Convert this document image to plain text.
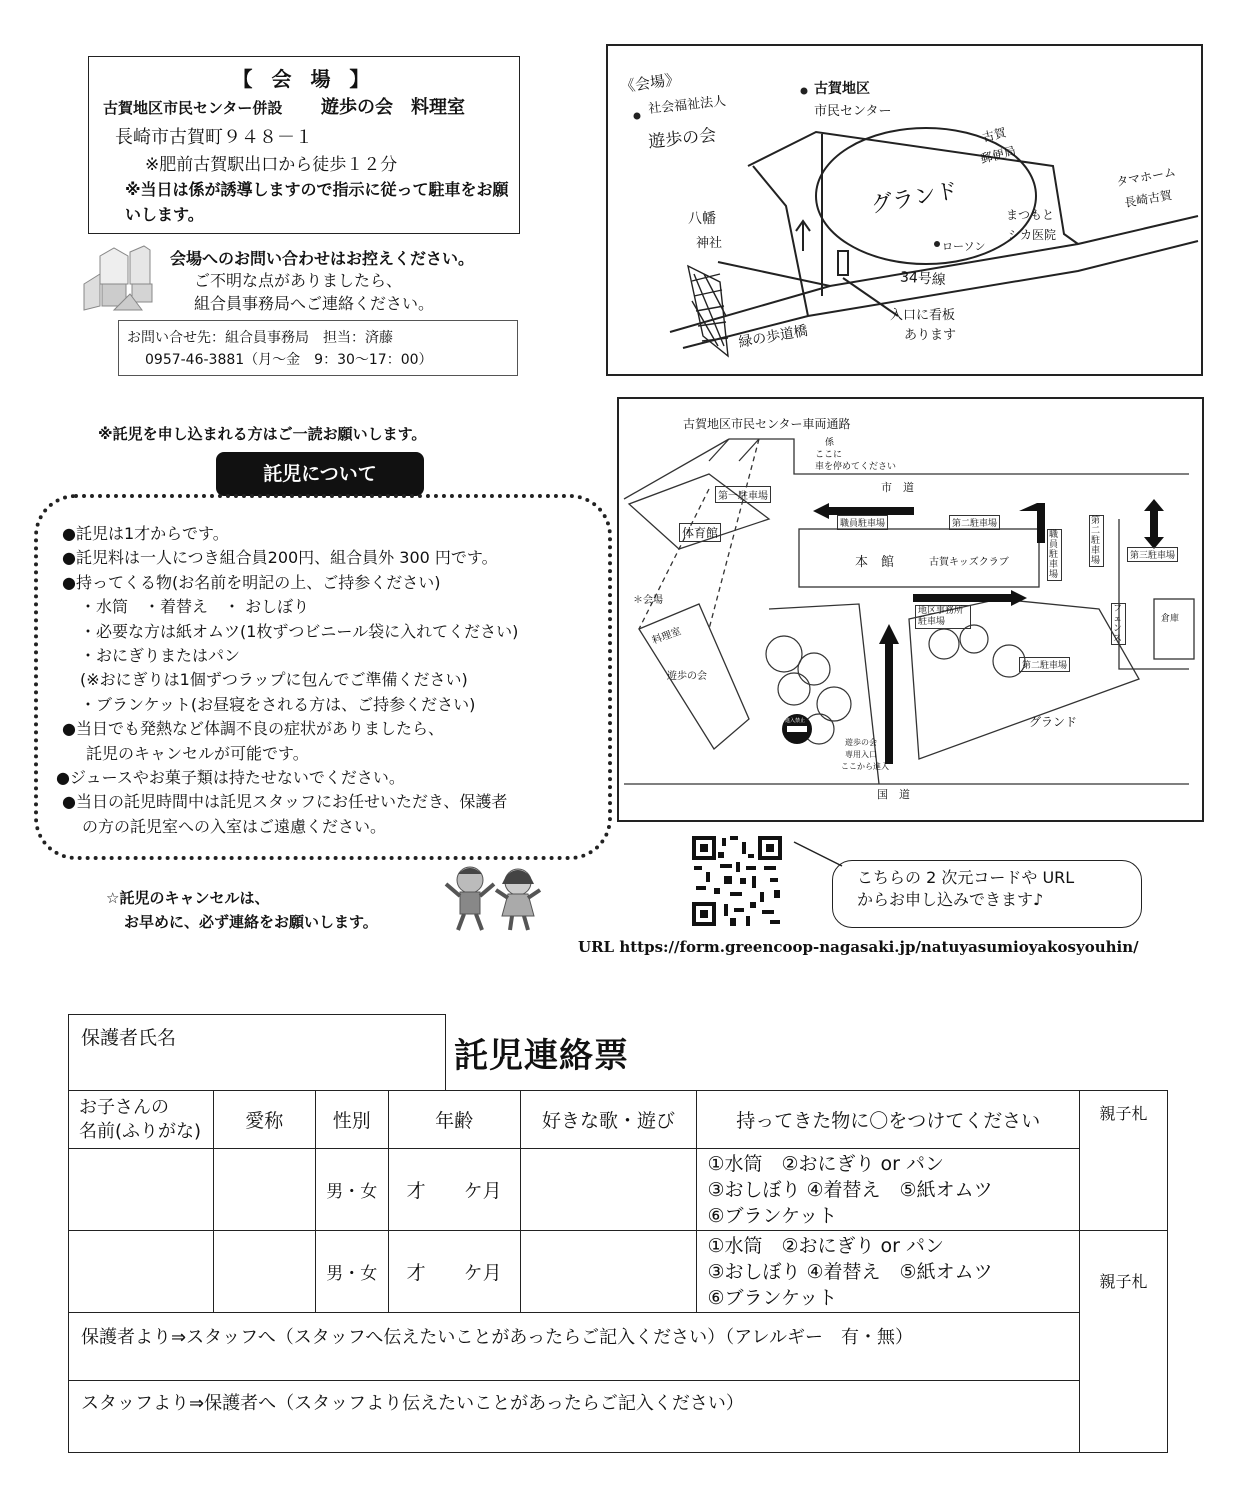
【 会 場 】
古賀地区市民センター併設 遊歩の会　料理室
長崎市古賀町９４８－１
※肥前古賀駅出口から徒歩１２分
※当日は係が誘導しますので指示に従って駐車をお願いします。
会場へのお問い合わせはお控えください。
ご不明な点がありましたら、
組合員事務局へご連絡ください。
お問い合せ先：組合員事務局　担当：済藤
0957-46-3881（月～金　9：30～17：00）
《会場》
社会福祉法人
遊歩の会
古賀地区
市民センター
グランド
古賀
郵便局
タマホーム
長崎古賀
八幡
神社	ローソン
まつもと
シカ医院
34号線
入口に看板
あります
緑の歩道橋
古賀地区市民センター車両通路
係
ここに
車を停めてください
市　道
第一駐車場
体育館
職員駐車場	第二駐車場	第二駐車場	第三駐車場
本　館	古賀キッズクラブ
職員駐車場
地区事務所駐車場
フェンス
倉庫
第二駐車場
＊会場
料理室
遊歩の会
グランド
遊歩の会
専用入口
ここから進入
国　道
進入禁止
※託児を申し込まれる方はご一読お願いします。
託児について
●託児は1才からです。
●託児料は一人につき組合員200円、組合員外 300 円です。
●持ってくる物(お名前を明記の上、ご持参ください)
・水筒　・着替え　・ おしぼり
・必要な方は紙オムツ(1枚ずつビニール袋に入れてください)
・おにぎりまたはパン
(※おにぎりは1個ずつラップに包んでご準備ください)
・ブランケット(お昼寝をされる方は、ご持参ください)
●当日でも発熱など体調不良の症状がありましたら、
託児のキャンセルが可能です。
●ジュースやお菓子類は持たせないでください。
●当日の託児時間中は託児スタッフにお任せいただき、保護者
の方の託児室への入室はご遠慮ください。
☆託児のキャンセルは、
お早めに、必ず連絡をお願いします。
こちらの 2 次元コードや URL
からお申し込みできます♪
URL https://form.greencoop-nagasaki.jp/natuyasumioyakosyouhin/
保護者氏名	託児連絡票
お子さんの
名前(ふりがな)	愛称	性別	年齢	好きな歌・遊び	持ってきた物に〇をつけてください	親子札
		男・女	才　　ケ月		①水筒　②おにぎり or パン
③おしぼり ④着替え　⑤紙オムツ
⑥ブランケット	

		男・女	才　　ケ月		①水筒　②おにぎり or パン
③おしぼり ④着替え　⑤紙オムツ
⑥ブランケット	親子札
保護者より⇒スタッフへ（スタッフへ伝えたいことがあったらご記入ください）（アレルギー　有・無）						
スタッフより⇒保護者へ（スタッフより伝えたいことがあったらご記入ください）						
